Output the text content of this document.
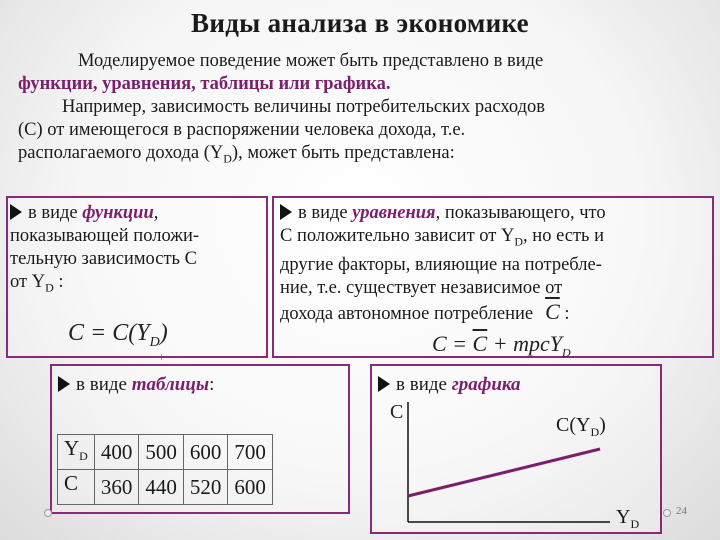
Виды анализа в экономике
Моделируемое поведение может быть представлено в виде
функции, уравнения, таблицы или графика.
Например, зависимость величины потребительских расходов
(C) от имеющегося в распоряжении человека дохода, т.е.
располагаемого дохода $(Y_D)$, может быть представлена:
в виде функции,
показывающей положи-
тельную зависимость C
от $Y_D$ :
$C = C(Y_D)$
+
в виде уравнения, показывающего, что
C положительно зависит от $Y_D$, но есть и
другие факторы, влияющие на потребле-
ние, т.е. существует независимое от
дохода автономное потребление $\overline{C}$ :
$C = \overline{C}$ + mpcY$_D$
в виде таблицы:
$Y_D$	400	500	600	700
C	360	440	520	600
в виде графика
C
$C(Y_D)$
$Y_D$
24
